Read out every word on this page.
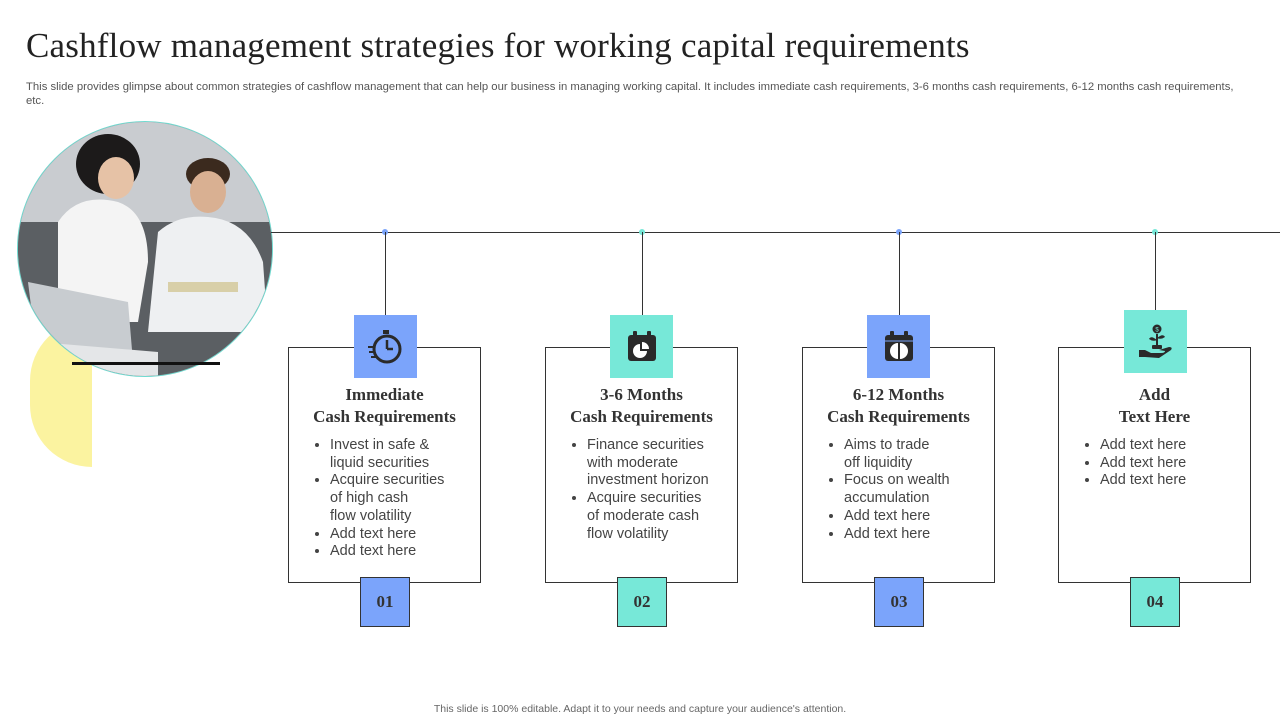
Cashflow management strategies for working capital requirements
This slide provides glimpse about common strategies of cashflow management that can help our business in managing working capital. It includes immediate cash requirements, 3-6 months cash requirements, 6-12 months cash requirements, etc.
Immediate
Cash Requirements
• Invest in safe &
liquid securities
• Acquire securities
of high cash
flow volatility
• Add text here
• Add text here
01
3-6 Months
Cash Requirements
• Finance securities
with moderate
investment horizon
• Acquire securities
of moderate cash
flow volatility
02
6-12 Months
Cash Requirements
• Aims to trade
off liquidity
• Focus on wealth
accumulation
• Add text here
• Add text here
03
Add
Text Here
• Add text here
• Add text here
• Add text here
$
04
This slide is 100% editable. Adapt it to your needs and capture your audience's attention.
